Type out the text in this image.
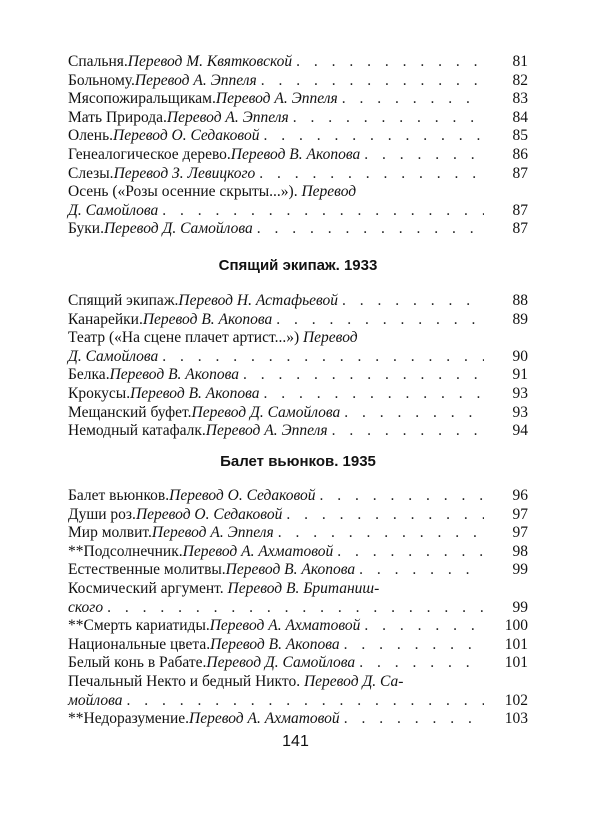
Спальня. Перевод М. Квятковской . . .	81
Больному. Перевод А. Эппеля . . .	82
Мясопожиральщикам. Перевод А. Эппеля . . .	83
Мать Природа. Перевод А. Эппеля . . .	84
Олень. Перевод О. Седаковой . . .	85
Генеалогическое дерево. Перевод В. Акопова . . .	86
Слезы. Перевод З. Левицкого . . .	87
Осень («Розы осенние скрыты...»). Перевод
Д. Самойлова . . .	87
Буки. Перевод Д. Самойлова . . .	87
Спящий экипаж. 1933
Спящий экипаж. Перевод Н. Астафьевой . . .	88
Канарейки. Перевод В. Акопова . . .	89
Театр («На сцене плачет артист...») Перевод
Д. Самойлова . . .	90
Белка. Перевод В. Акопова . . .	91
Крокусы. Перевод В. Акопова . . .	93
Мещанский буфет. Перевод Д. Самойлова . . .	93
Немодный катафалк. Перевод А. Эппеля . . .	94
Балет вьюнков. 1935
Балет вьюнков. Перевод О. Седаковой . . .	96
Души роз. Перевод О. Седаковой . . .	97
Мир молвит. Перевод А. Эппеля . . .	97
**Подсолнечник. Перевод А. Ахматовой . . .	98
Естественные молитвы. Перевод В. Акопова . . .	99
Космический аргумент. Перевод В. Британиш-
ского . . .	99
**Смерть кариатиды. Перевод А. Ахматовой . . .	100
Национальные цвета. Перевод В. Акопова . . .	101
Белый конь в Рабате. Перевод Д. Самойлова . . .	101
Печальный Некто и бедный Никто. Перевод Д. Са-
мойлова . . .	102
**Недоразумение. Перевод А. Ахматовой . . .	103
141
